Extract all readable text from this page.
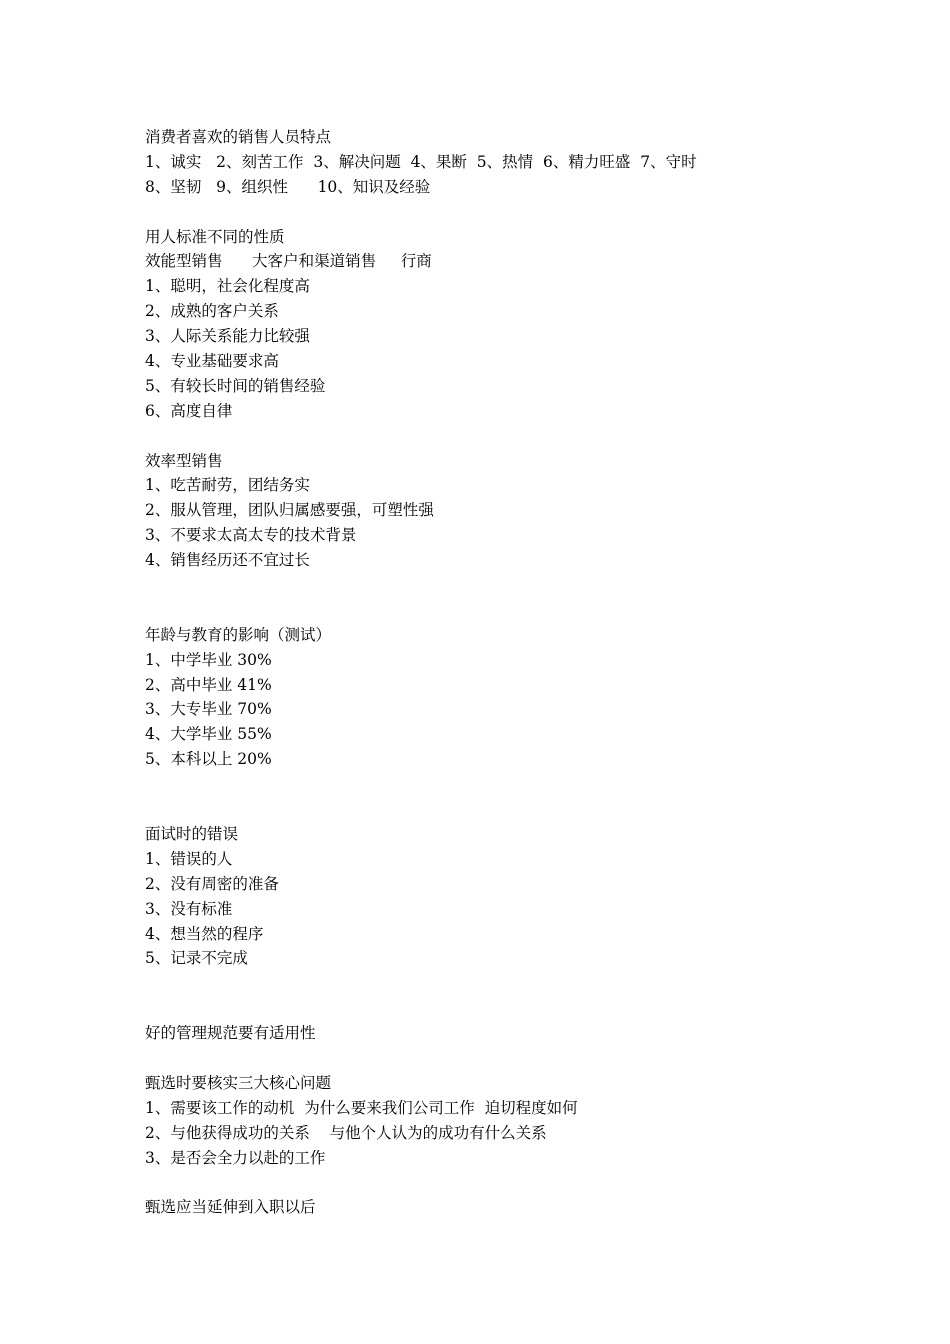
消费者喜欢的销售人员特点
1、诚实   2、刻苦工作  3、解决问题  4、果断  5、热情  6、精力旺盛  7、守时
8、坚韧   9、组织性      10、知识及经验
用人标准不同的性质
效能型销售      大客户和渠道销售     行商
1、聪明，社会化程度高
2、成熟的客户关系
3、人际关系能力比较强
4、专业基础要求高
5、有较长时间的销售经验
6、高度自律
效率型销售
1、吃苦耐劳，团结务实
2、服从管理，团队归属感要强，可塑性强
3、不要求太高太专的技术背景
4、销售经历还不宜过长
年龄与教育的影响（测试）
1、中学毕业 30%
2、高中毕业 41%
3、大专毕业 70%
4、大学毕业 55%
5、本科以上 20%
面试时的错误
1、错误的人
2、没有周密的准备
3、没有标准
4、想当然的程序
5、记录不完成
好的管理规范要有适用性
甄选时要核实三大核心问题
1、需要该工作的动机  为什么要来我们公司工作  迫切程度如何
2、与他获得成功的关系    与他个人认为的成功有什么关系
3、是否会全力以赴的工作
甄选应当延伸到入职以后
